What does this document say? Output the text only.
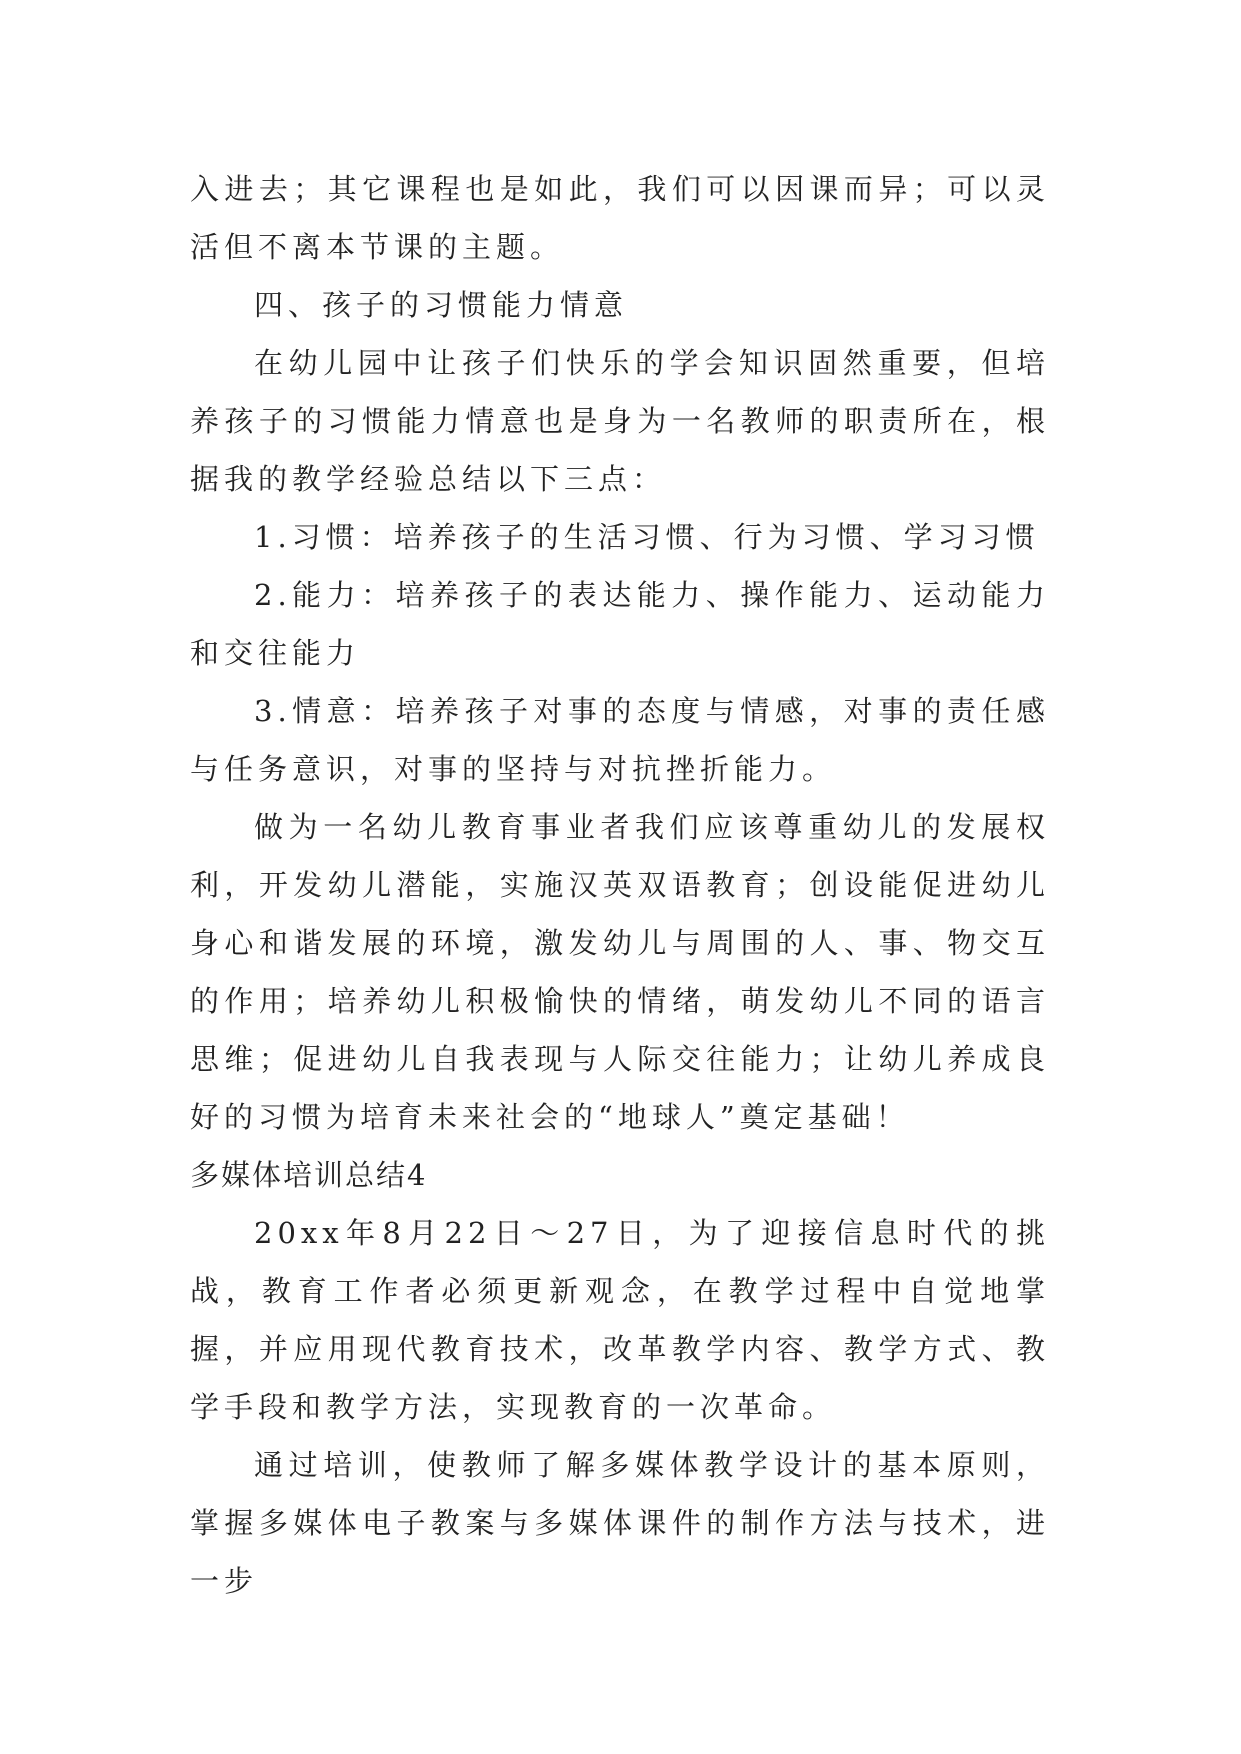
入进去；其它课程也是如此，我们可以因课而异；可以灵活但不离本节课的主题。

四、孩子的习惯能力情意

在幼儿园中让孩子们快乐的学会知识固然重要，但培养孩子的习惯能力情意也是身为一名教师的职责所在，根据我的教学经验总结以下三点：

1.习惯：培养孩子的生活习惯、行为习惯、学习习惯

2.能力：培养孩子的表达能力、操作能力、运动能力和交往能力

3.情意：培养孩子对事的态度与情感，对事的责任感与任务意识，对事的坚持与对抗挫折能力。

做为一名幼儿教育事业者我们应该尊重幼儿的发展权利，开发幼儿潜能，实施汉英双语教育；创设能促进幼儿身心和谐发展的环境，激发幼儿与周围的人、事、物交互的作用；培养幼儿积极愉快的情绪，萌发幼儿不同的语言思维；促进幼儿自我表现与人际交往能力；让幼儿养成良好的习惯为培育未来社会的“地球人”奠定基础！

多媒体培训总结4

20xx年8月22日～27日，为了迎接信息时代的挑战，教育工作者必须更新观念，在教学过程中自觉地掌握，并应用现代教育技术，改革教学内容、教学方式、教学手段和教学方法，实现教育的一次革命。

通过培训，使教师了解多媒体教学设计的基本原则，掌握多媒体电子教案与多媒体课件的制作方法与技术，进一步
